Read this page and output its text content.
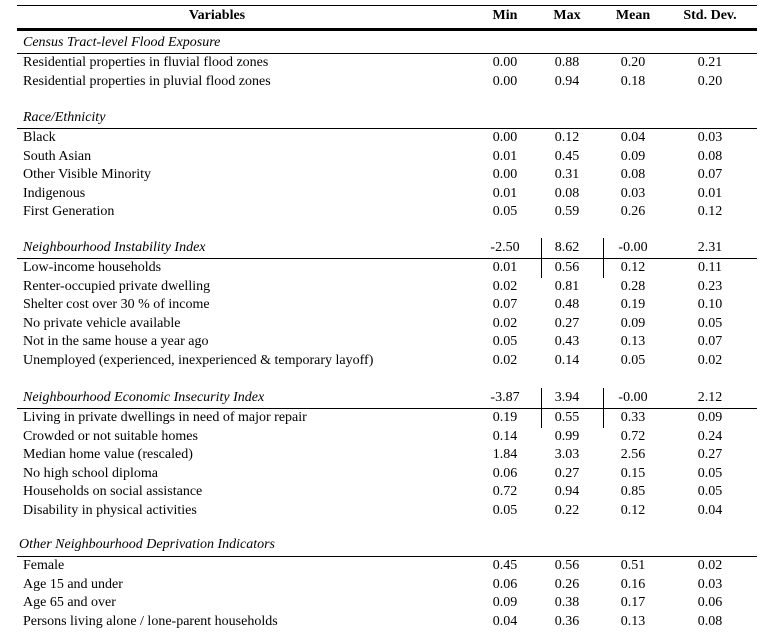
Variables	Min	Max	Mean	Std. Dev.
Census Tract-level Flood Exposure
Residential properties in fluvial flood zones	0.00	0.88	0.20	0.21
Residential properties in pluvial flood zones	0.00	0.94	0.18	0.20
Race/Ethnicity
Black	0.00	0.12	0.04	0.03
South Asian	0.01	0.45	0.09	0.08
Other Visible Minority	0.00	0.31	0.08	0.07
Indigenous	0.01	0.08	0.03	0.01
First Generation	0.05	0.59	0.26	0.12
Neighbourhood Instability Index	-2.50	8.62	-0.00	2.31
Low-income households	0.01	0.56	0.12	0.11
Renter-occupied private dwelling	0.02	0.81	0.28	0.23
Shelter cost over 30 % of income	0.07	0.48	0.19	0.10
No private vehicle available	0.02	0.27	0.09	0.05
Not in the same house a year ago	0.05	0.43	0.13	0.07
Unemployed (experienced, inexperienced & temporary layoff)	0.02	0.14	0.05	0.02
Neighbourhood Economic Insecurity Index	-3.87	3.94	-0.00	2.12
Living in private dwellings in need of major repair	0.19	0.55	0.33	0.09
Crowded or not suitable homes	0.14	0.99	0.72	0.24
Median home value (rescaled)	1.84	3.03	2.56	0.27
No high school diploma	0.06	0.27	0.15	0.05
Households on social assistance	0.72	0.94	0.85	0.05
Disability in physical activities	0.05	0.22	0.12	0.04
Other Neighbourhood Deprivation Indicators
Female	0.45	0.56	0.51	0.02
Age 15 and under	0.06	0.26	0.16	0.03
Age 65 and over	0.09	0.38	0.17	0.06
Persons living alone / lone-parent households	0.04	0.36	0.13	0.08
